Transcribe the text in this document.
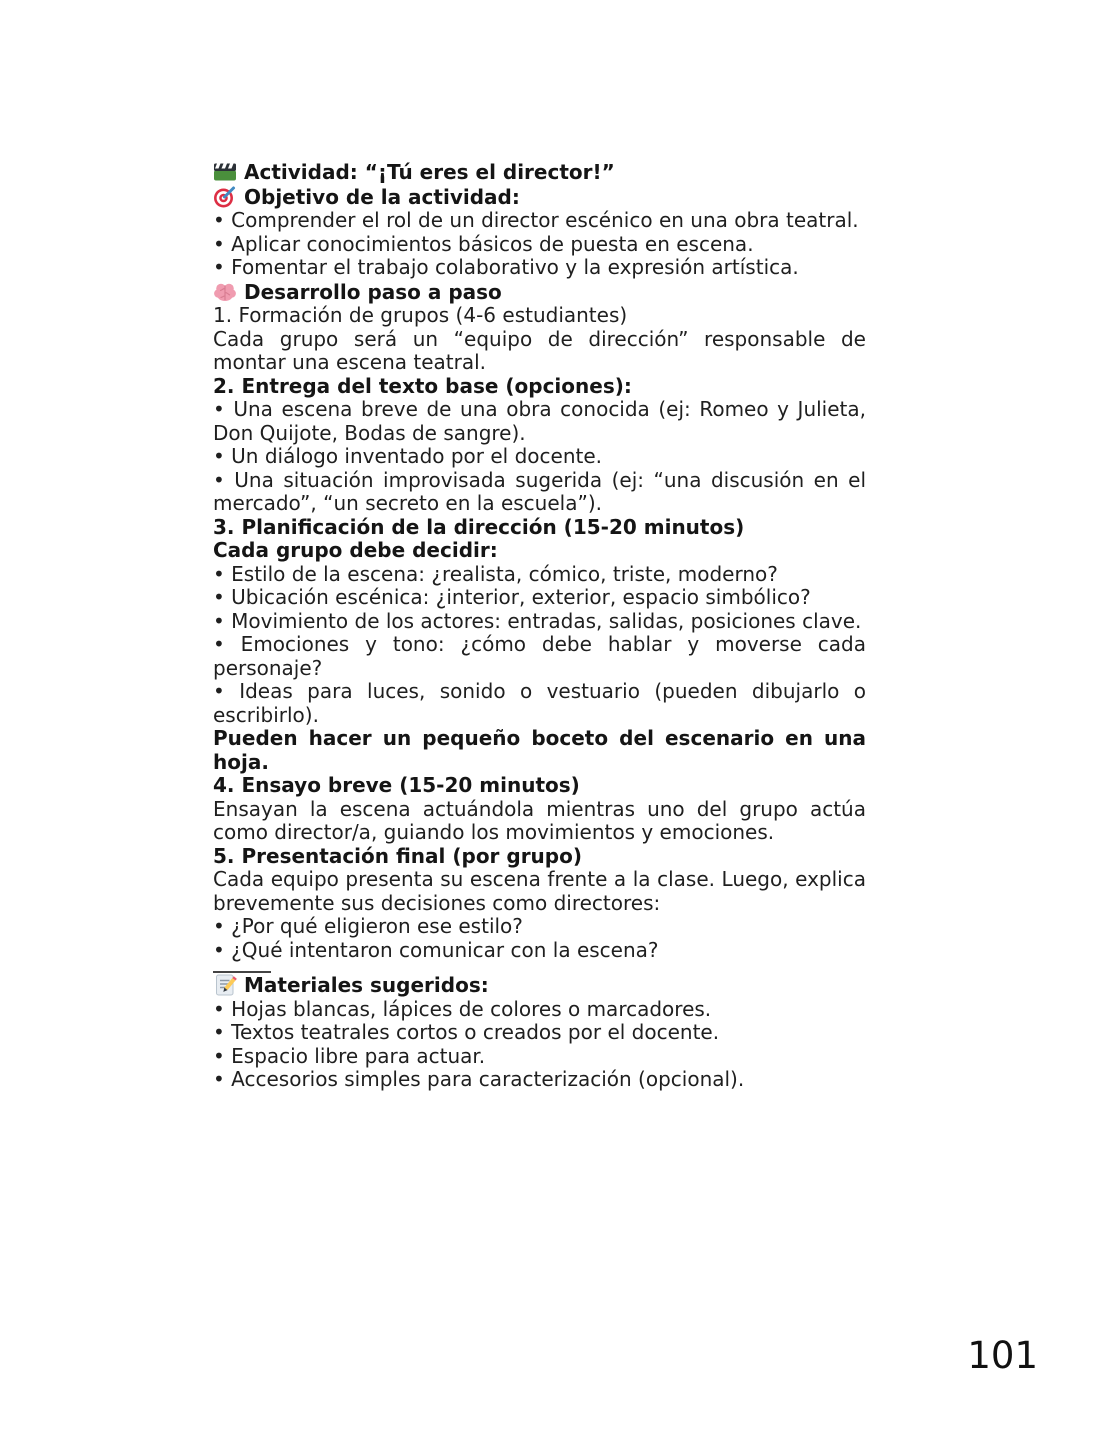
Actividad: “¡Tú eres el director!”

Objetivo de la actividad:

• Comprender el rol de un director escénico en una obra teatral.

• Aplicar conocimientos básicos de puesta en escena.

• Fomentar el trabajo colaborativo y la expresión artística.

Desarrollo paso a paso

1. Formación de grupos (4-6 estudiantes)

Cada grupo será un “equipo de dirección” responsable de montar una escena teatral.

2. Entrega del texto base (opciones):

• Una escena breve de una obra conocida (ej: Romeo y Julieta, Don Quijote, Bodas de sangre).

• Un diálogo inventado por el docente.

• Una situación improvisada sugerida (ej: “una discusión en el mercado”, “un secreto en la escuela”).

3. Planificación de la dirección (15-20 minutos)

Cada grupo debe decidir:

• Estilo de la escena: ¿realista, cómico, triste, moderno?

• Ubicación escénica: ¿interior, exterior, espacio simbólico?

• Movimiento de los actores: entradas, salidas, posiciones clave.

• Emociones y tono: ¿cómo debe hablar y moverse cada personaje?

• Ideas para luces, sonido o vestuario (pueden dibujarlo o escribirlo).

Pueden hacer un pequeño boceto del escenario en una hoja.

4. Ensayo breve (15-20 minutos)

Ensayan la escena actuándola mientras uno del grupo actúa como director/a, guiando los movimientos y emociones.

5. Presentación final (por grupo)

Cada equipo presenta su escena frente a la clase. Luego, explica brevemente sus decisiones como directores:

• ¿Por qué eligieron ese estilo?

• ¿Qué intentaron comunicar con la escena?

Materiales sugeridos:

• Hojas blancas, lápices de colores o marcadores.

• Textos teatrales cortos o creados por el docente.

• Espacio libre para actuar.

• Accesorios simples para caracterización (opcional).

101
